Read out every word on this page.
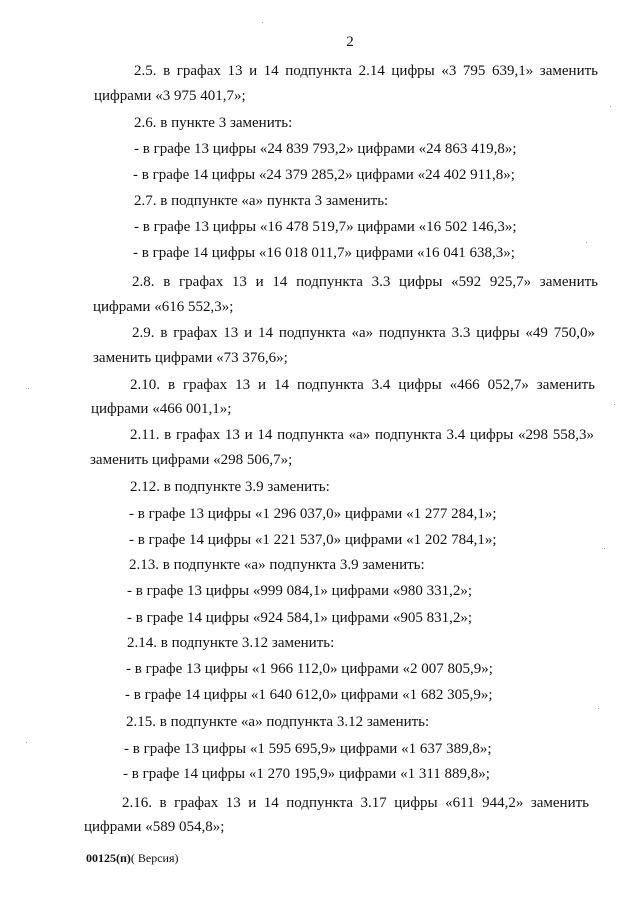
2
2.5. в графах 13 и 14 подпункта 2.14 цифры «3 795 639,1» заменить
цифрами «3 975 401,7»;
2.6. в пункте 3 заменить:
- в графе 13 цифры «24 839 793,2» цифрами «24 863 419,8»;
- в графе 14 цифры «24 379 285,2» цифрами «24 402 911,8»;
2.7. в подпункте «а» пункта 3 заменить:
- в графе 13 цифры «16 478 519,7» цифрами «16 502 146,3»;
- в графе 14 цифры «16 018 011,7» цифрами «16 041 638,3»;
2.8. в графах 13 и 14 подпункта 3.3 цифры «592 925,7» заменить
цифрами «616 552,3»;
2.9. в графах 13 и 14 подпункта «а» подпункта 3.3 цифры «49 750,0»
заменить цифрами «73 376,6»;
2.10. в графах 13 и 14 подпункта 3.4 цифры «466 052,7» заменить
цифрами «466 001,1»;
2.11. в графах 13 и 14 подпункта «а» подпункта 3.4 цифры «298 558,3»
заменить цифрами «298 506,7»;
2.12. в подпункте 3.9 заменить:
- в графе 13 цифры «1 296 037,0» цифрами «1 277 284,1»;
- в графе 14 цифры «1 221 537,0» цифрами «1 202 784,1»;
2.13. в подпункте «а» подпункта 3.9 заменить:
- в графе 13 цифры «999 084,1» цифрами «980 331,2»;
- в графе 14 цифры «924 584,1» цифрами «905 831,2»;
2.14. в подпункте 3.12 заменить:
- в графе 13 цифры «1 966 112,0» цифрами «2 007 805,9»;
- в графе 14 цифры «1 640 612,0» цифрами «1 682 305,9»;
2.15. в подпункте «а» подпункта 3.12 заменить:
- в графе 13 цифры «1 595 695,9» цифрами «1 637 389,8»;
- в графе 14 цифры «1 270 195,9» цифрами «1 311 889,8»;
2.16. в графах 13 и 14 подпункта 3.17 цифры «611 944,2» заменить
цифрами «589 054,8»;
00125(п)( Версия)
